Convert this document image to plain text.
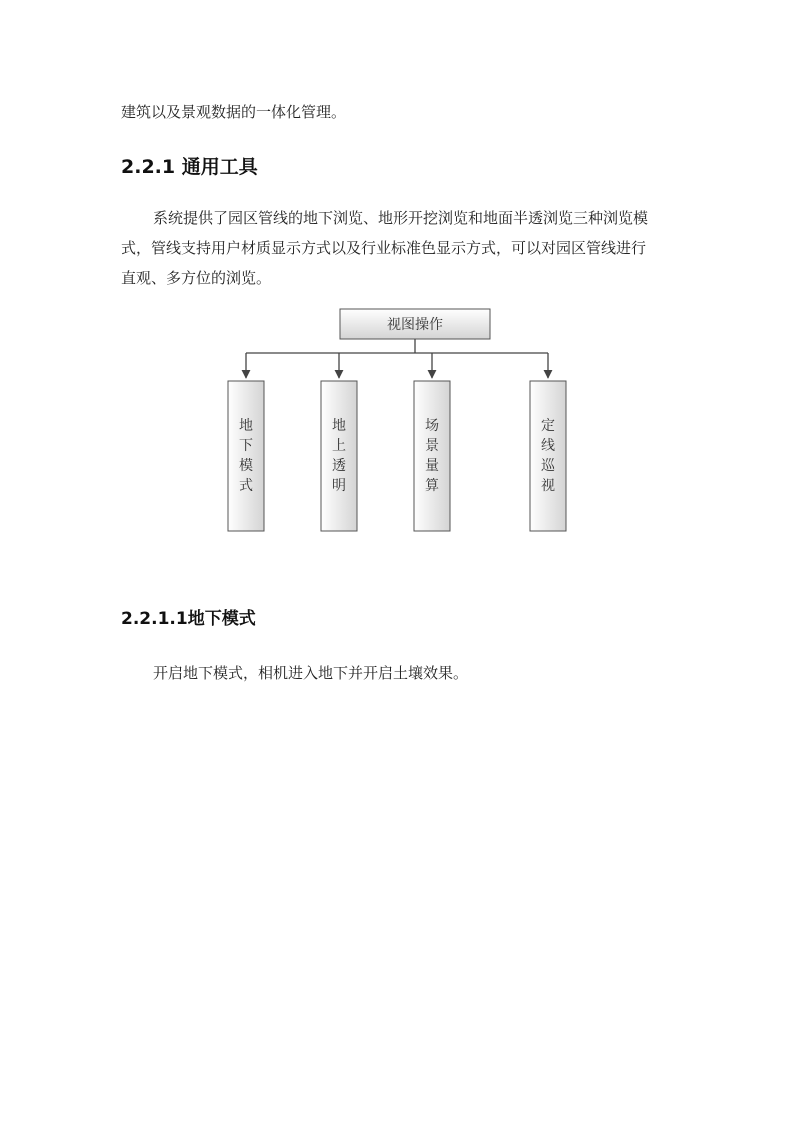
建筑以及景观数据的一体化管理。
2.2.1 通用工具
系统提供了园区管线的地下浏览、地形开挖浏览和地面半透浏览三种浏览模
式，管线支持用户材质显示方式以及行业标准色显示方式，可以对园区管线进行
直观、多方位的浏览。
视图操作
地
下
模
式
地
上
透
明
场
景
量
算
定
线
巡
视
2.2.1.1地下模式
开启地下模式，相机进入地下并开启土壤效果。
